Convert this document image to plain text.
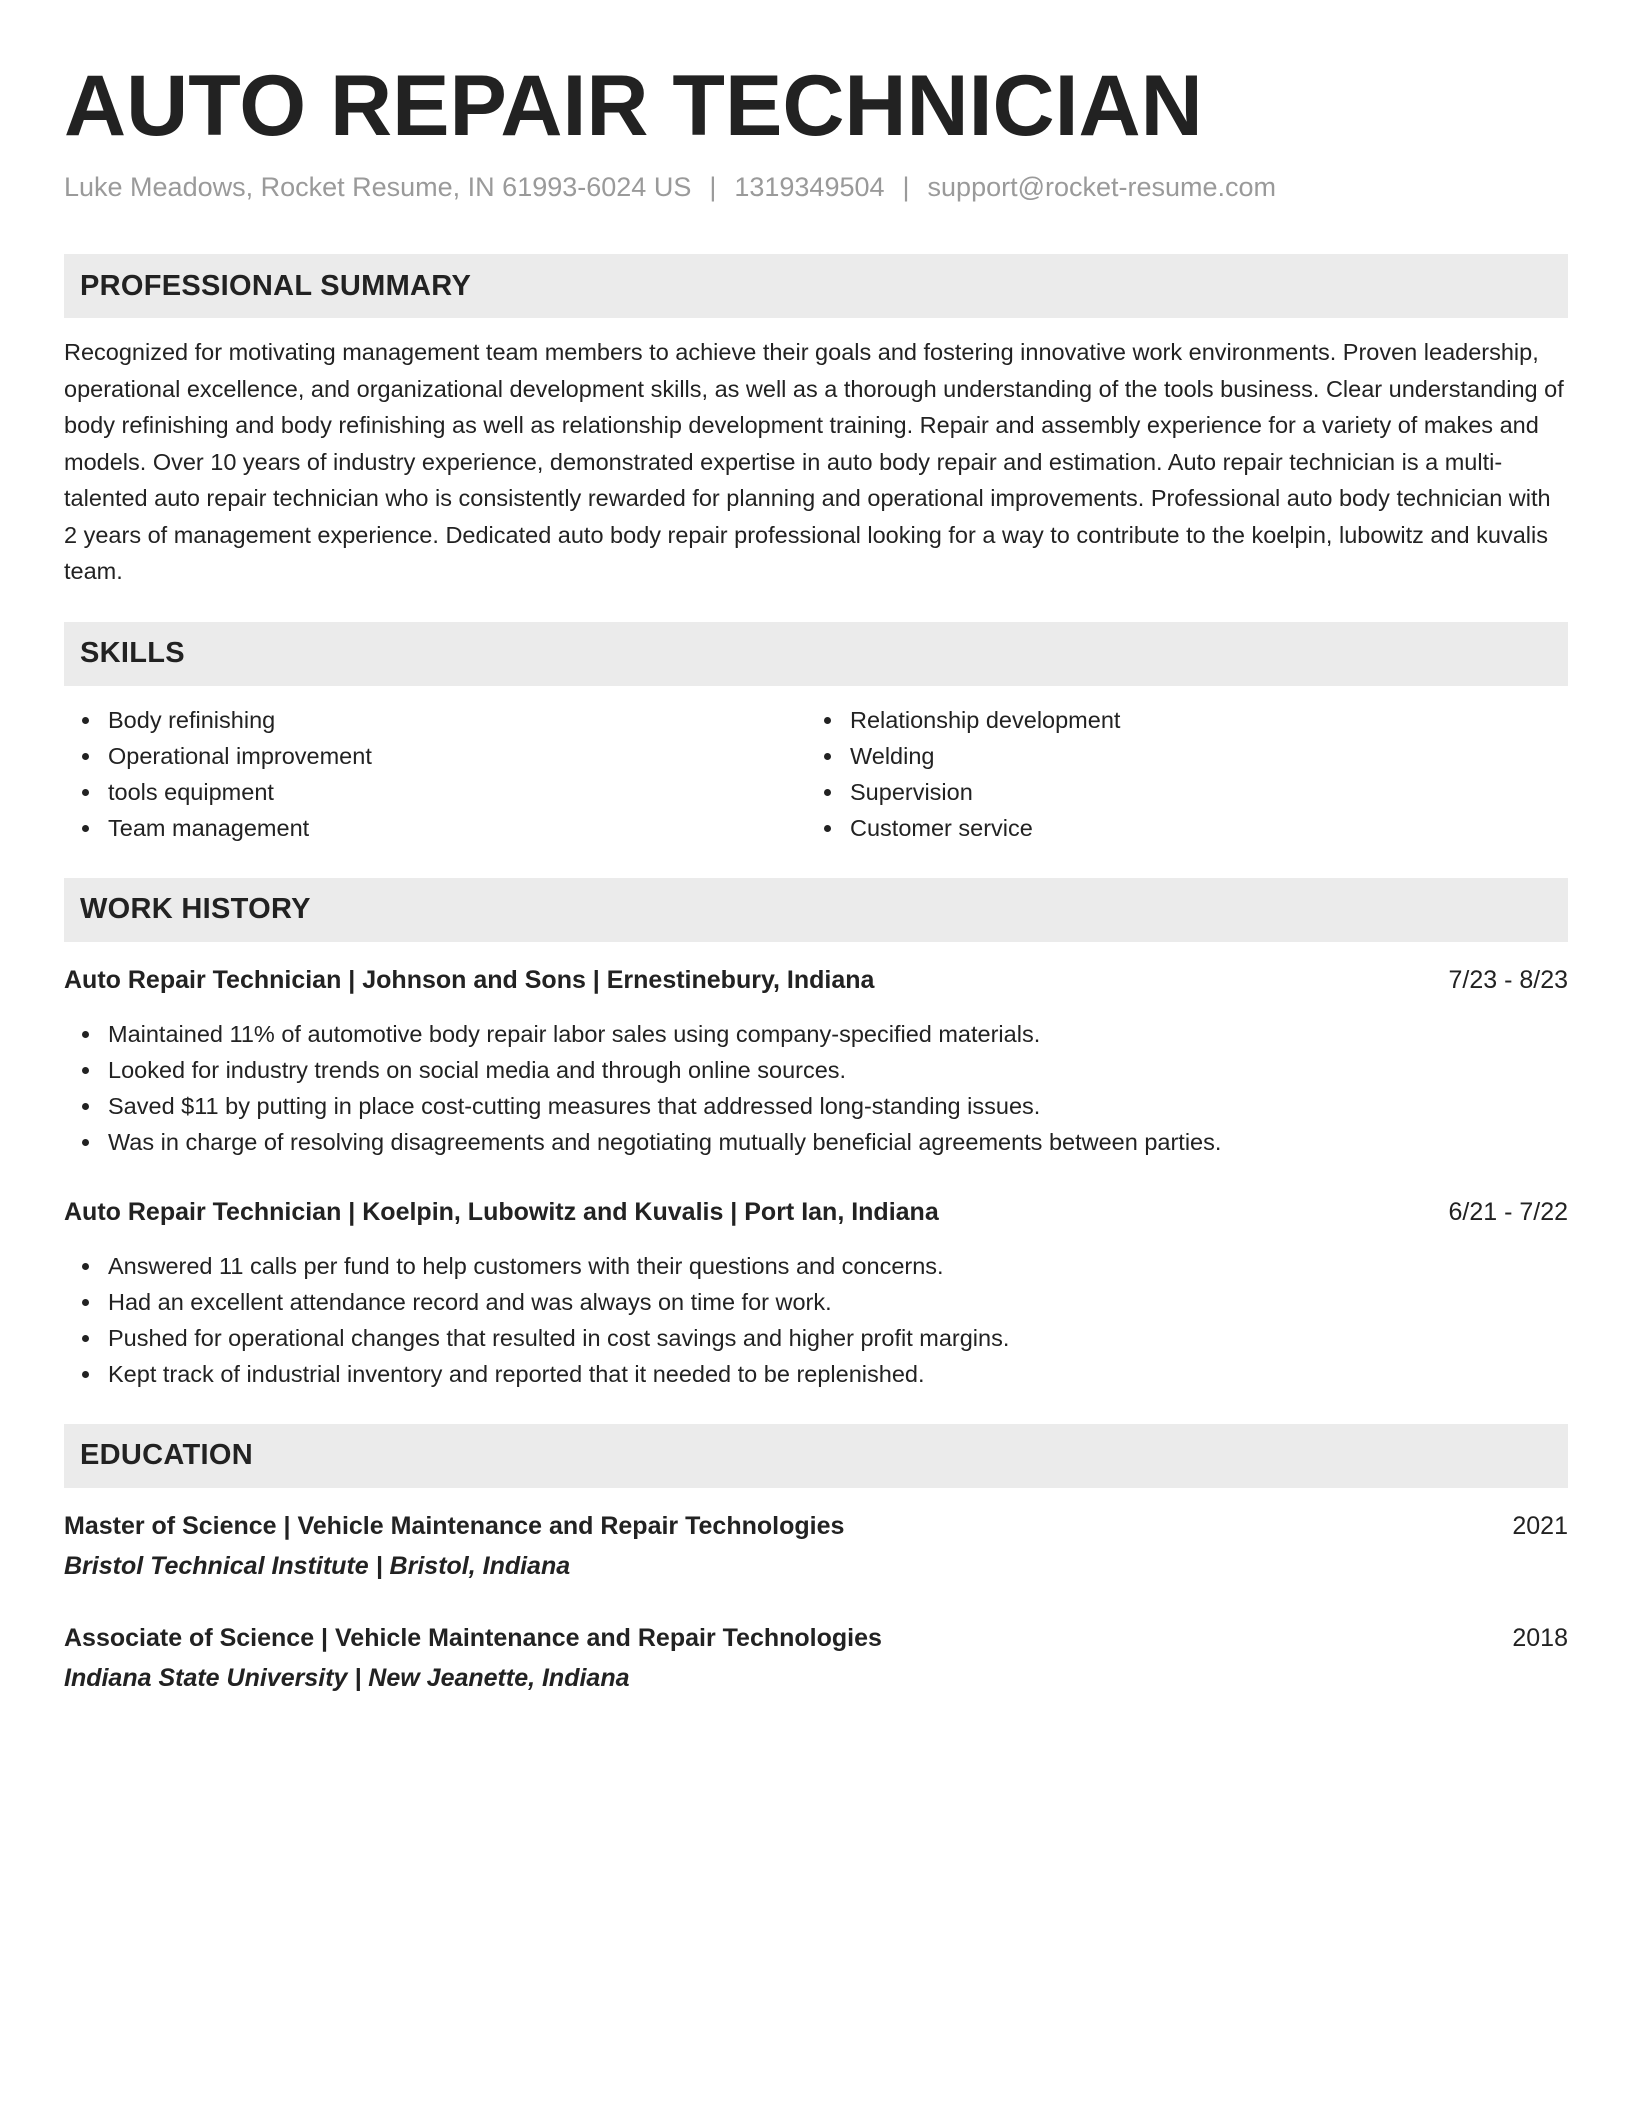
AUTO REPAIR TECHNICIAN
Luke Meadows, Rocket Resume, IN 61993-6024 US | 1319349504 | support@rocket-resume.com
PROFESSIONAL SUMMARY

Recognized for motivating management team members to achieve their goals and fostering innovative work environments. Proven leadership, operational excellence, and organizational development skills, as well as a thorough understanding of the tools business. Clear understanding of body refinishing and body refinishing as well as relationship development training. Repair and assembly experience for a variety of makes and models. Over 10 years of industry experience, demonstrated expertise in auto body repair and estimation. Auto repair technician is a multi-talented auto repair technician who is consistently rewarded for planning and operational improvements. Professional auto body technician with 2 years of management experience. Dedicated auto body repair professional looking for a way to contribute to the koelpin, lubowitz and kuvalis team.

SKILLS
Body refinishing
Operational improvement
tools equipment
Team management
Relationship development
Welding
Supervision
Customer service
WORK HISTORY
Auto Repair Technician | Johnson and Sons | Ernestinebury, Indiana	7/23 - 8/23
Maintained 11% of automotive body repair labor sales using company-specified materials.
Looked for industry trends on social media and through online sources.
Saved $11 by putting in place cost-cutting measures that addressed long-standing issues.
Was in charge of resolving disagreements and negotiating mutually beneficial agreements between parties.
Auto Repair Technician | Koelpin, Lubowitz and Kuvalis | Port Ian, Indiana	6/21 - 7/22
Answered 11 calls per fund to help customers with their questions and concerns.
Had an excellent attendance record and was always on time for work.
Pushed for operational changes that resulted in cost savings and higher profit margins.
Kept track of industrial inventory and reported that it needed to be replenished.
EDUCATION
Master of Science | Vehicle Maintenance and Repair Technologies	2021
Bristol Technical Institute | Bristol, Indiana
Associate of Science | Vehicle Maintenance and Repair Technologies	2018
Indiana State University | New Jeanette, Indiana
